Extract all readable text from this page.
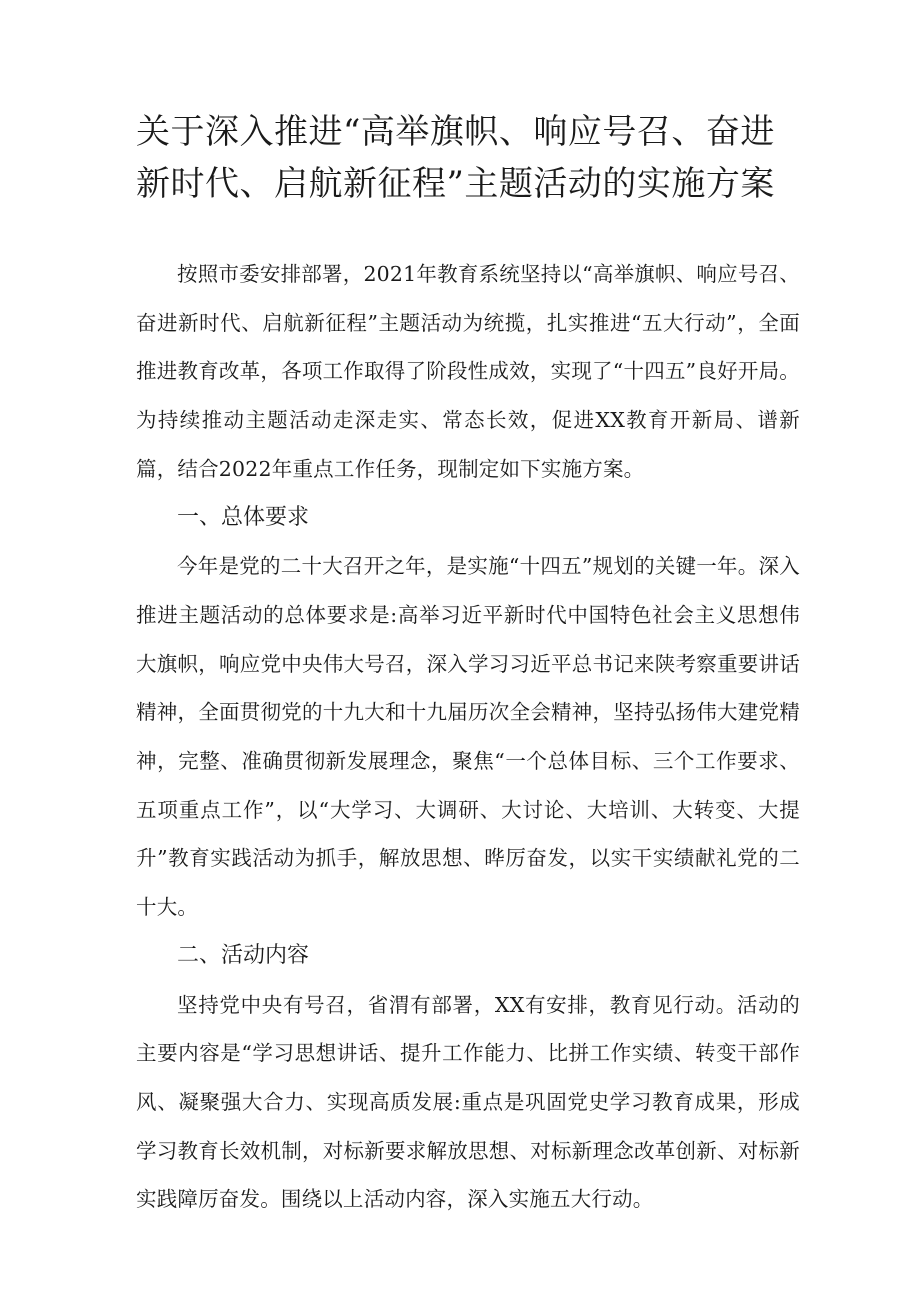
关于深入推进“高举旗帜、响应号召、奋进新时代、启航新征程”主题活动的实施方案

按照市委安排部署，2021年教育系统坚持以“高举旗帜、响应号召、奋进新时代、启航新征程”主题活动为统揽，扎实推进“五大行动”，全面推进教育改革，各项工作取得了阶段性成效，实现了“十四五”良好开局。为持续推动主题活动走深走实、常态长效，促进XX教育开新局、谱新篇，结合2022年重点工作任务，现制定如下实施方案。

一、总体要求

今年是党的二十大召开之年，是实施“十四五”规划的关键一年。深入推进主题活动的总体要求是:高举习近平新时代中国特色社会主义思想伟大旗帜，响应党中央伟大号召，深入学习习近平总书记来陕考察重要讲话精神，全面贯彻党的十九大和十九届历次全会精神，坚持弘扬伟大建党精神，完整、准确贯彻新发展理念，聚焦“一个总体目标、三个工作要求、五项重点工作”，以“大学习、大调研、大讨论、大培训、大转变、大提升”教育实践活动为抓手，解放思想、晔厉奋发，以实干实绩献礼党的二十大。

二、活动内容

坚持党中央有号召，省渭有部署，XX有安排，教育见行动。活动的主要内容是“学习思想讲话、提升工作能力、比拼工作实绩、转变干部作风、凝聚强大合力、实现高质发展:重点是巩固党史学习教育成果，形成学习教育长效机制，对标新要求解放思想、对标新理念改革创新、对标新实践障厉奋发。围绕以上活动内容，深入实施五大行动。
